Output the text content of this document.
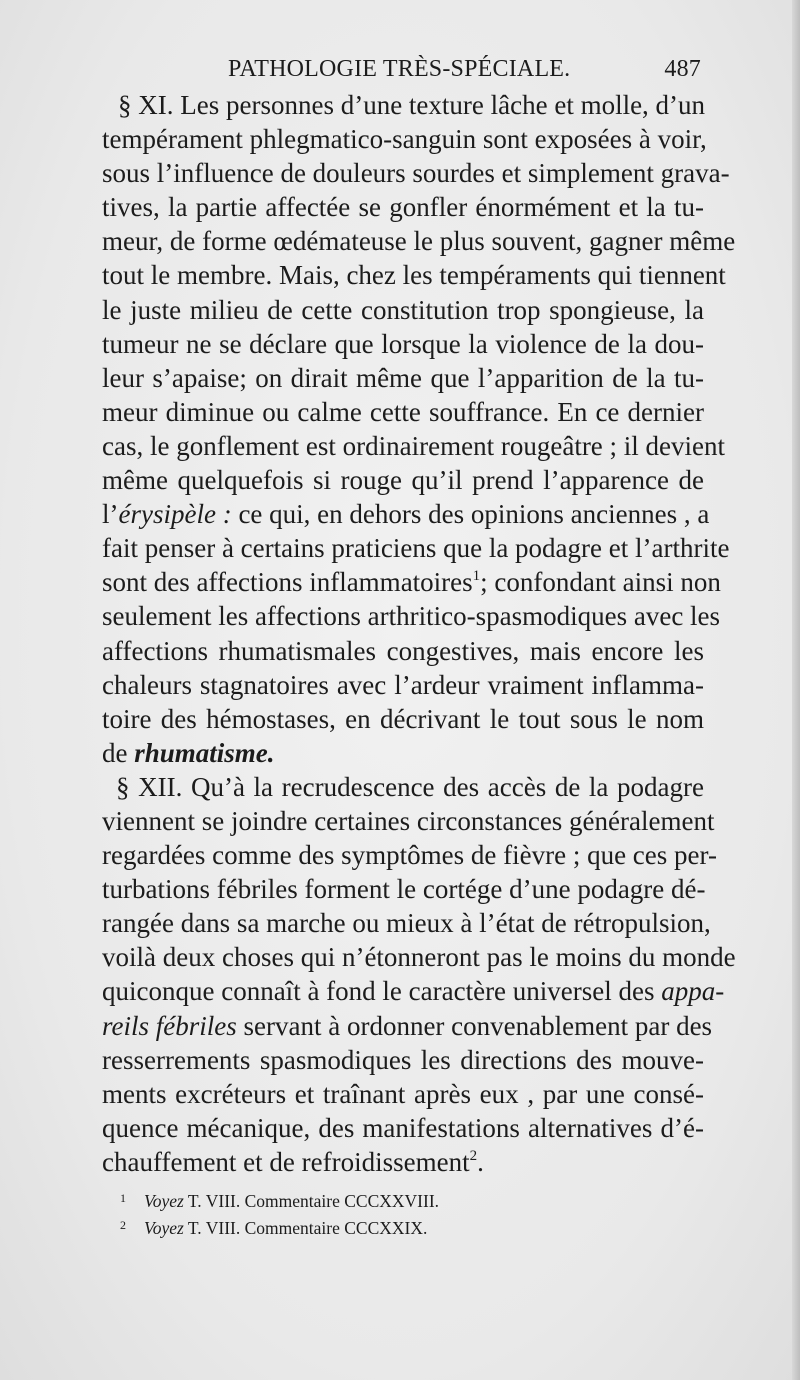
PATHOLOGIE TRÈS-SPÉCIALE.	487
§ XI. Les personnes d’une texture lâche et molle, d’un
tempérament phlegmatico-sanguin sont exposées à voir,
sous l’influence de douleurs sourdes et simplement grava-
tives, la partie affectée se gonfler énormément et la tu-
meur, de forme œdémateuse le plus souvent, gagner même
tout le membre. Mais, chez les tempéraments qui tiennent
le juste milieu de cette constitution trop spongieuse, la
tumeur ne se déclare que lorsque la violence de la dou-
leur s’apaise; on dirait même que l’apparition de la tu-
meur diminue ou calme cette souffrance. En ce dernier
cas, le gonflement est ordinairement rougeâtre ; il devient
même quelquefois si rouge qu’il prend l’apparence de
l’érysipèle : ce qui, en dehors des opinions anciennes , a
fait penser à certains praticiens que la podagre et l’arthrite
sont des affections inflammatoires$^1$; confondant ainsi non
seulement les affections arthritico-spasmodiques avec les
affections rhumatismales congestives, mais encore les
chaleurs stagnatoires avec l’ardeur vraiment inflamma-
toire des hémostases, en décrivant le tout sous le nom
de rhumatisme.
§ XII. Qu’à la recrudescence des accès de la podagre
viennent se joindre certaines circonstances généralement
regardées comme des symptômes de fièvre ; que ces per-
turbations fébriles forment le cortége d’une podagre dé-
rangée dans sa marche ou mieux à l’état de rétropulsion,
voilà deux choses qui n’étonneront pas le moins du monde
quiconque connaît à fond le caractère universel des appa-
reils fébriles servant à ordonner convenablement par des
resserrements spasmodiques les directions des mouve-
ments excréteurs et traînant après eux , par une consé-
quence mécanique, des manifestations alternatives d’é-
chauffement et de refroidissement$^2$.
1 Voyez T. VIII. Commentaire CCCXXVIII.
2 Voyez T. VIII. Commentaire CCCXXIX.
